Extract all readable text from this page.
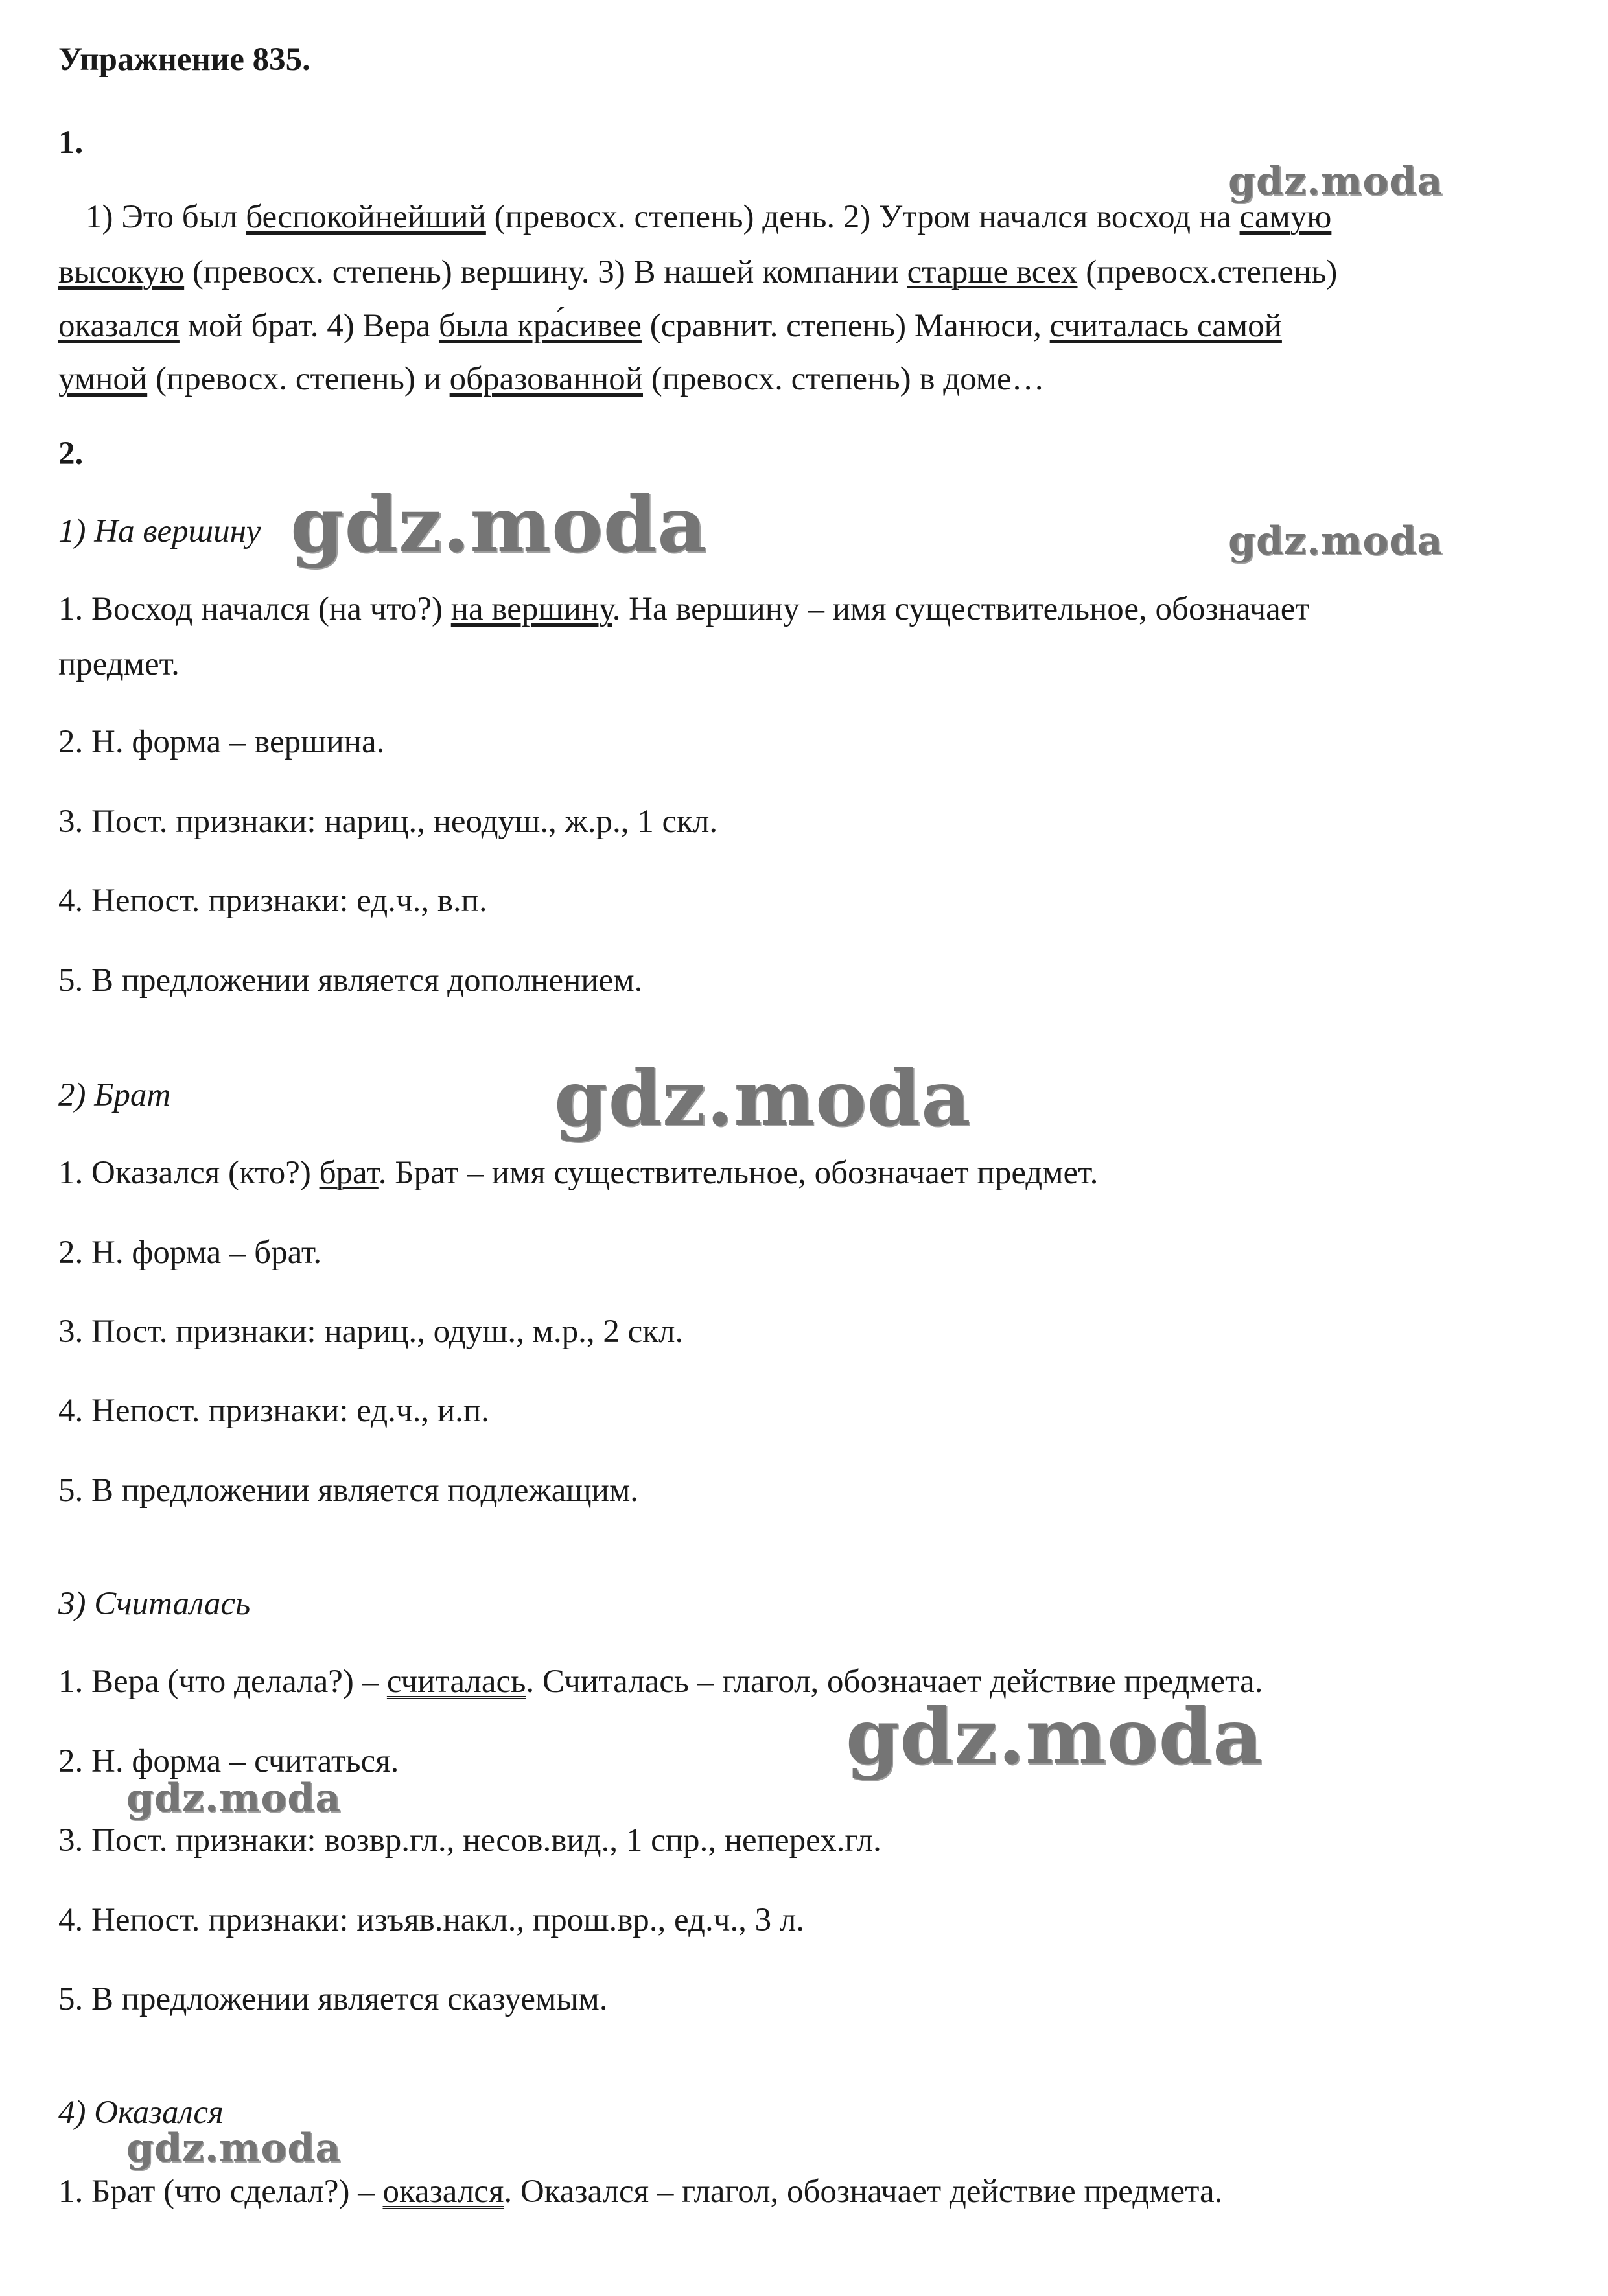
Упражнение 835.
1.
1) Это был беспокойнейший (превосх. степень) день. 2) Утром начался восход на самую
высокую (превосх. степень) вершину. 3) В нашей компании старше всех (превосх.степень)
оказался мой брат. 4) Вера была кра́сивее (сравнит. степень) Манюси, считалась самой
умной (превосх. степень) и образованной (превосх. степень) в доме…
2.
1) На вершину
1. Восход начался (на что?) на вершину. На вершину – имя существительное, обозначает
предмет.
2. Н. форма – вершина.
3. Пост. признаки: нариц., неодуш., ж.р., 1 скл.
4. Непост. признаки: ед.ч., в.п.
5. В предложении является дополнением.
2) Брат
1. Оказался (кто?) брат. Брат – имя существительное, обозначает предмет.
2. Н. форма – брат.
3. Пост. признаки: нариц., одуш., м.р., 2 скл.
4. Непост. признаки: ед.ч., и.п.
5. В предложении является подлежащим.
3) Считалась
1. Вера (что делала?) – считалась. Считалась – глагол, обозначает действие предмета.
2. Н. форма – считаться.
3. Пост. признаки: возвр.гл., несов.вид., 1 спр., неперех.гл.
4. Непост. признаки: изъяв.накл., прош.вр., ед.ч., 3 л.
5. В предложении является сказуемым.
4) Оказался
1. Брат (что сделал?) – оказался. Оказался – глагол, обозначает действие предмета.
gdz.moda
gdz.moda	gdz.moda
gdz.moda
gdz.moda
gdz.moda
gdz.moda
